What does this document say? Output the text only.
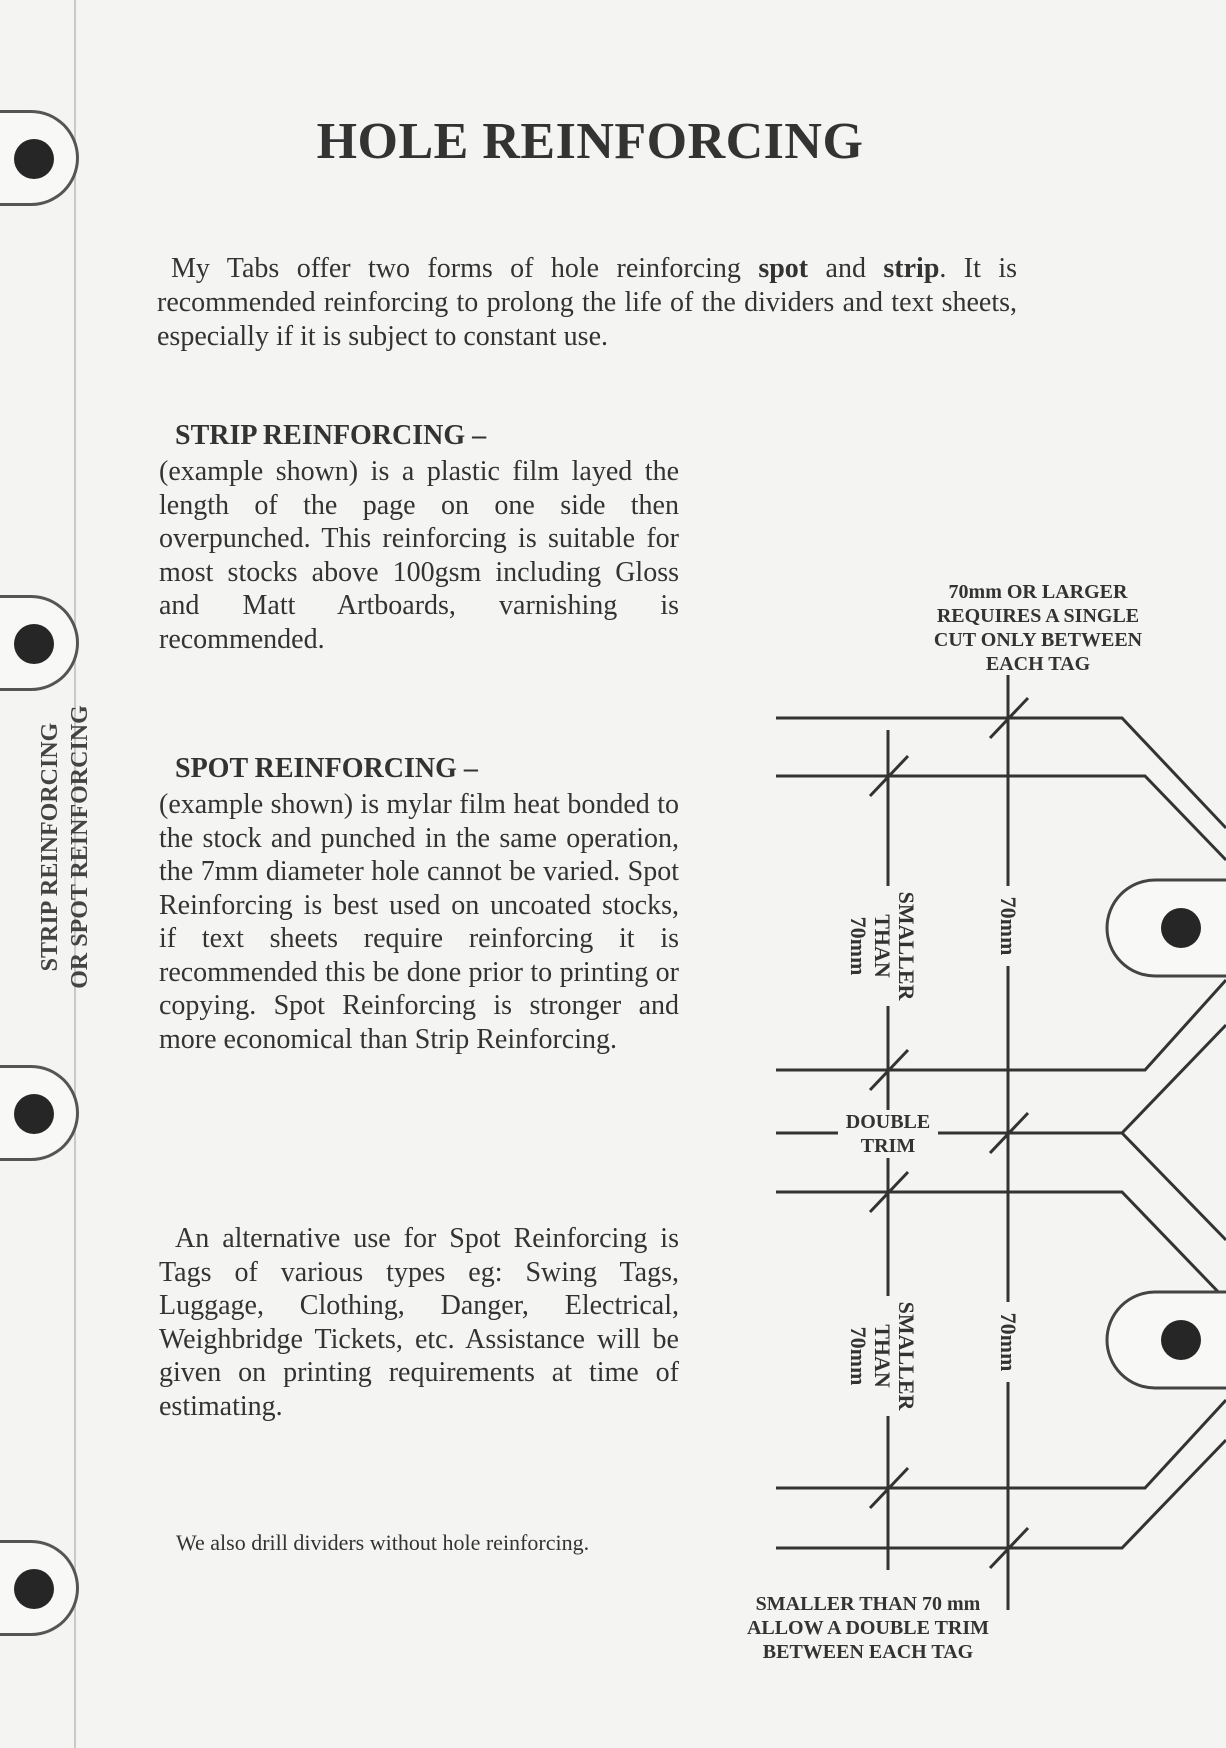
STRIP REINFORCING OR SPOT REINFORCING
HOLE REINFORCING

My Tabs offer two forms of hole reinforcing spot and strip. It is recommended reinforcing to prolong the life of the dividers and text sheets, especially if it is subject to constant use.

STRIP REINFORCING –

(example shown) is a plastic film layed the length of the page on one side then overpunched. This reinforcing is suitable for most stocks above 100gsm including Gloss and Matt Artboards, varnishing is recommended.

SPOT REINFORCING –

(example shown) is mylar film heat bonded to the stock and punched in the same operation, the 7mm diameter hole cannot be varied. Spot Reinforcing is best used on uncoated stocks, if text sheets require reinforcing it is recommended this be done prior to printing or copying. Spot Reinforcing is stronger and more economical than Strip Reinforcing.

An alternative use for Spot Reinforcing is Tags of various types eg: Swing Tags, Luggage, Clothing, Danger, Electrical, Weighbridge Tickets, etc. Assistance will be given on printing requirements at time of estimating.

We also drill dividers without hole reinforcing.

70mm OR LARGER REQUIRES A SINGLE CUT ONLY BETWEEN EACH TAG
SMALLER THAN 70mm	70mm
DOUBLE TRIM
SMALLER THAN 70mm	70mm
SMALLER THAN 70 mm ALLOW A DOUBLE TRIM BETWEEN EACH TAG
